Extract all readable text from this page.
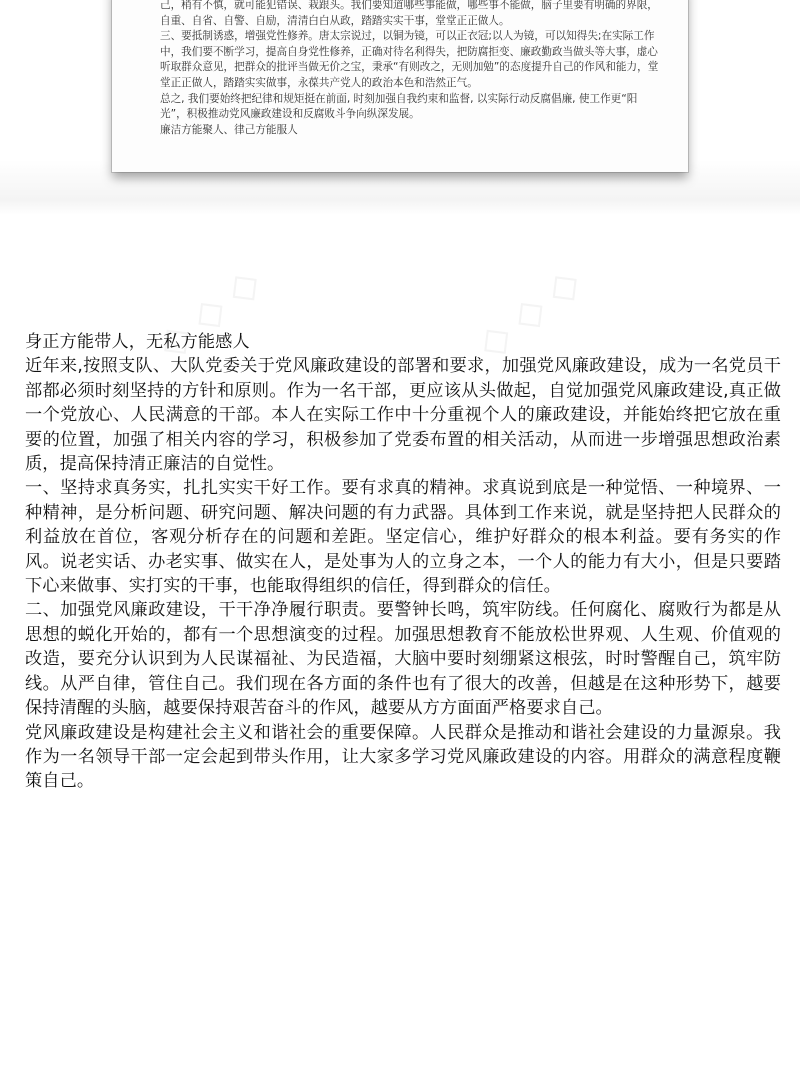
己，稍有不慎，就可能犯错误、栽跟头。我们要知道哪些事能做，哪些事不能做，脑子里要有明确的界限，自重、自省、自警、自励，清清白白从政，踏踏实实干事，堂堂正正做人。

三、要抵制诱惑，增强党性修养。唐太宗说过，以铜为镜，可以正衣冠;以人为镜，可以知得失;在实际工作中，我们要不断学习，提高自身党性修养，正确对待名利得失，把防腐拒变、廉政勤政当做头等大事，虚心听取群众意见，把群众的批评当做无价之宝，秉承“有则改之，无则加勉”的态度提升自己的作风和能力，堂堂正正做人，踏踏实实做事，永葆共产党人的政治本色和浩然正气。

总之, 我们要始终把纪律和规矩挺在前面, 时刻加强自我约束和监督, 以实际行动反腐倡廉, 使工作更“阳光”，积极推动党风廉政建设和反腐败斗争向纵深发展。

廉洁方能聚人、律己方能服人

身正方能带人，无私方能感人

近年来,按照支队、大队党委关于党风廉政建设的部署和要求，加强党风廉政建设，成为一名党员干部都必须时刻坚持的方针和原则。作为一名干部，更应该从头做起，自觉加强党风廉政建设,真正做一个党放心、人民满意的干部。本人在实际工作中十分重视个人的廉政建设，并能始终把它放在重要的位置，加强了相关内容的学习，积极参加了党委布置的相关活动，从而进一步增强思想政治素质，提高保持清正廉洁的自觉性。

一、坚持求真务实，扎扎实实干好工作。要有求真的精神。求真说到底是一种觉悟、一种境界、一种精神，是分析问题、研究问题、解决问题的有力武器。具体到工作来说，就是坚持把人民群众的利益放在首位，客观分析存在的问题和差距。坚定信心，维护好群众的根本利益。要有务实的作风。说老实话、办老实事、做实在人，是处事为人的立身之本，一个人的能力有大小，但是只要踏下心来做事、实打实的干事，也能取得组织的信任，得到群众的信任。

二、加强党风廉政建设，干干净净履行职责。要警钟长鸣，筑牢防线。任何腐化、腐败行为都是从思想的蜕化开始的，都有一个思想演变的过程。加强思想教育不能放松世界观、人生观、价值观的改造，要充分认识到为人民谋福祉、为民造福，大脑中要时刻绷紧这根弦，时时警醒自己，筑牢防线。从严自律，管住自己。我们现在各方面的条件也有了很大的改善，但越是在这种形势下，越要保持清醒的头脑，越要保持艰苦奋斗的作风，越要从方方面面严格要求自己。

党风廉政建设是构建社会主义和谐社会的重要保障。人民群众是推动和谐社会建设的力量源泉。我作为一名领导干部一定会起到带头作用，让大家多学习党风廉政建设的内容。用群众的满意程度鞭策自己。
